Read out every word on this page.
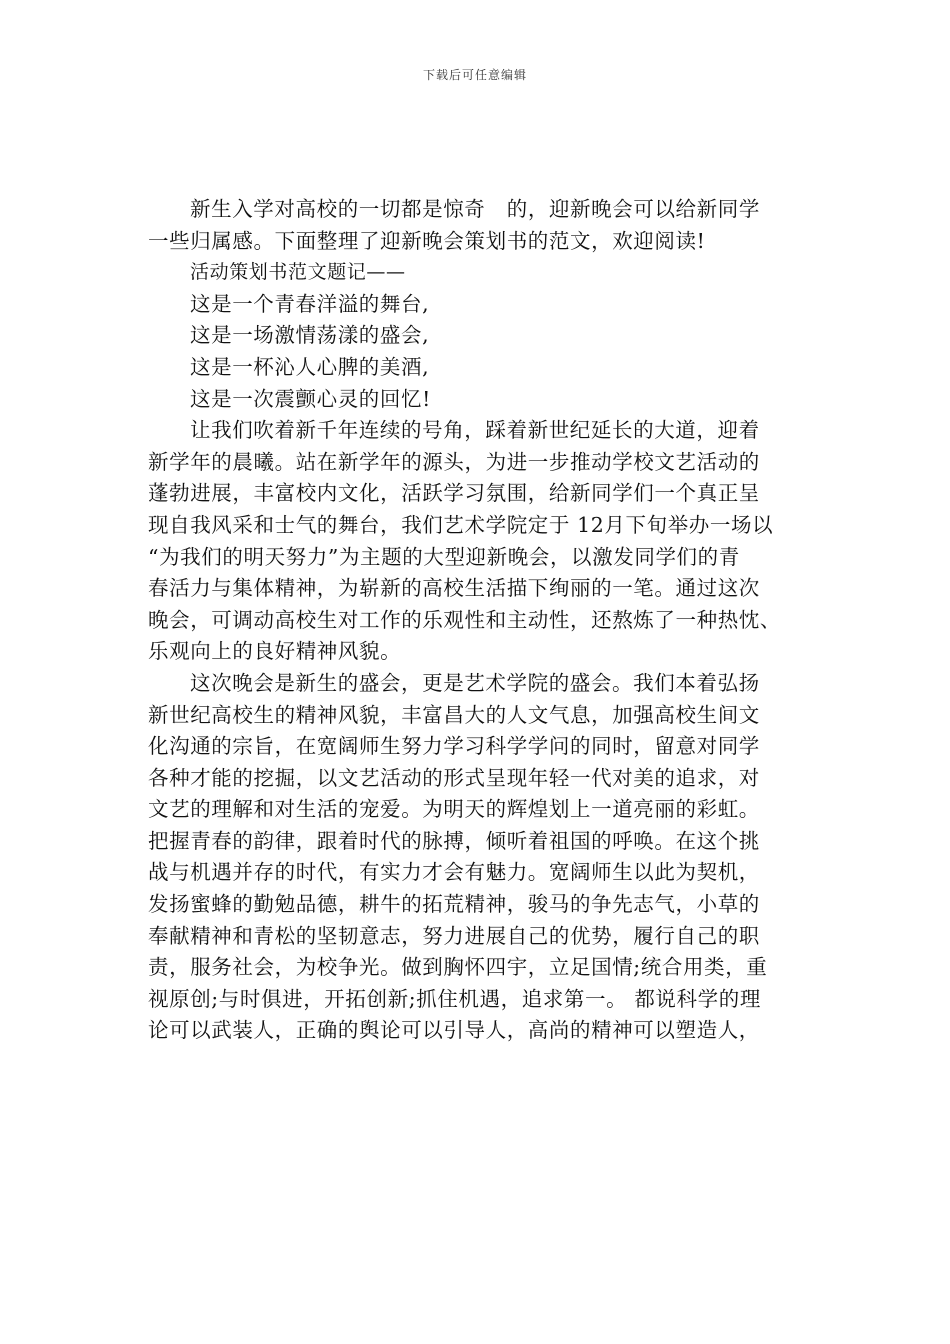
下载后可任意编辑
新生入学对高校的一切都是惊奇   的，迎新晚会可以给新同学
一些归属感。下面整理了迎新晚会策划书的范文，欢迎阅读!
活动策划书范文题记——
这是一个青春洋溢的舞台,
这是一场激情荡漾的盛会,
这是一杯沁人心脾的美酒,
这是一次震颤心灵的回忆!
让我们吹着新千年连续的号角，踩着新世纪延长的大道，迎着
新学年的晨曦。站在新学年的源头，为进一步推动学校文艺活动的
蓬勃进展，丰富校内文化，活跃学习氛围，给新同学们一个真正呈
现自我风采和士气的舞台，我们艺术学院定于 12月下旬举办一场以
“为我们的明天努力”为主题的大型迎新晚会，以激发同学们的青
春活力与集体精神，为崭新的高校生活描下绚丽的一笔。通过这次
晚会，可调动高校生对工作的乐观性和主动性，还熬炼了一种热忱、
乐观向上的良好精神风貌。
这次晚会是新生的盛会，更是艺术学院的盛会。我们本着弘扬
新世纪高校生的精神风貌，丰富昌大的人文气息，加强高校生间文
化沟通的宗旨，在宽阔师生努力学习科学学问的同时，留意对同学
各种才能的挖掘，以文艺活动的形式呈现年轻一代对美的追求，对
文艺的理解和对生活的宠爱。为明天的辉煌划上一道亮丽的彩虹。
把握青春的韵律，跟着时代的脉搏，倾听着祖国的呼唤。在这个挑
战与机遇并存的时代，有实力才会有魅力。宽阔师生以此为契机，
发扬蜜蜂的勤勉品德，耕牛的拓荒精神，骏马的争先志气，小草的
奉献精神和青松的坚韧意志，努力进展自己的优势，履行自己的职
责，服务社会，为校争光。做到胸怀四宇，立足国情;统合用类，重
视原创;与时俱进，开拓创新;抓住机遇，追求第一。 都说科学的理
论可以武装人，正确的舆论可以引导人，高尚的精神可以塑造人，
